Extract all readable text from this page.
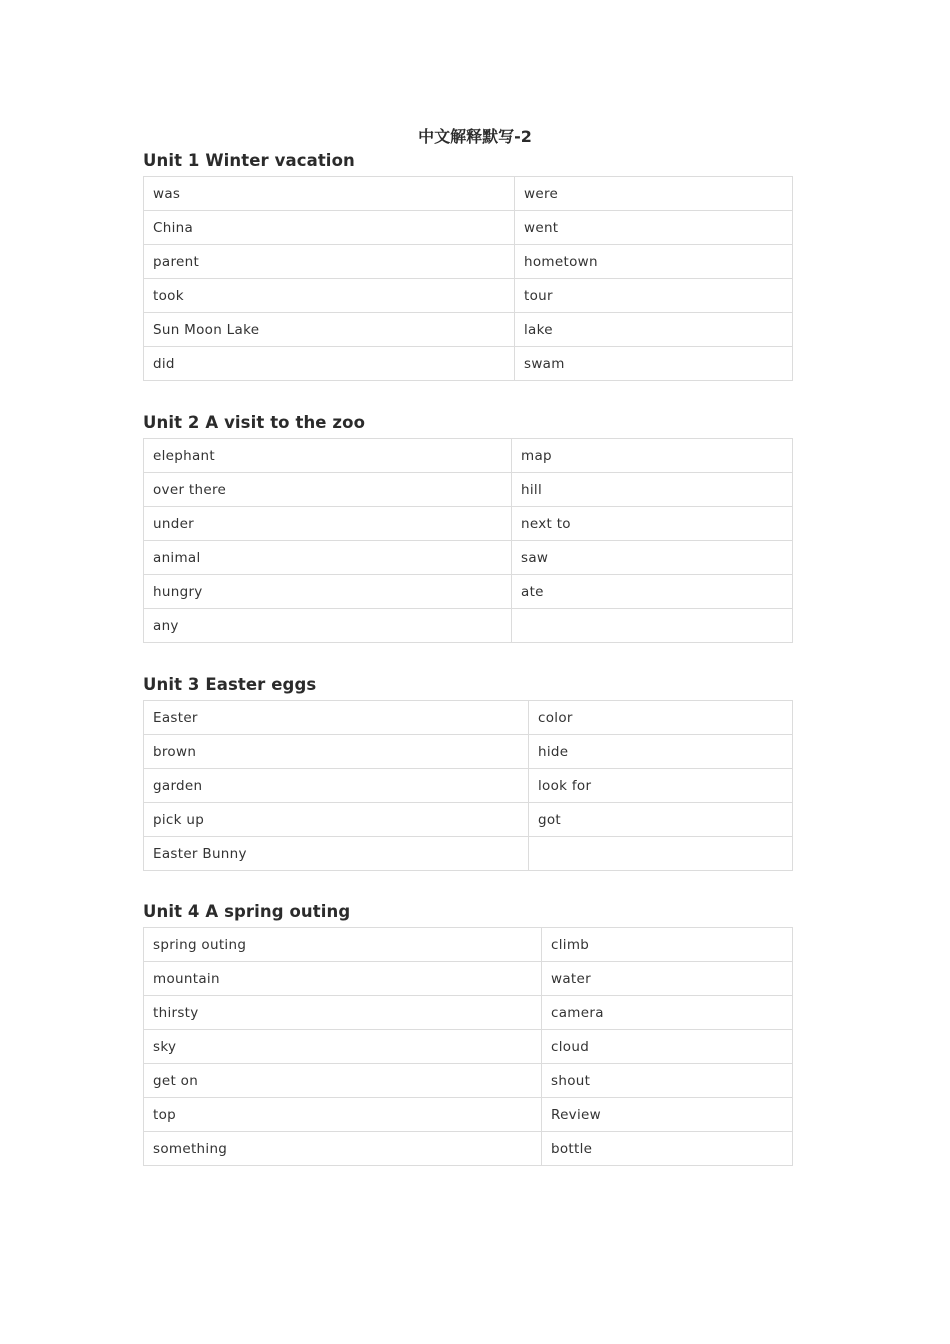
中文解释默写-2
Unit 1 Winter vacation
was	were
China	went
parent	hometown
took	tour
Sun Moon Lake	lake
did	swam
Unit 2 A visit to the zoo
elephant	map
over there	hill
under	next to
animal	saw
hungry	ate
any	
Unit 3 Easter eggs
Easter	color
brown	hide
garden	look for
pick up	got
Easter Bunny	
Unit 4 A spring outing
spring outing	climb
mountain	water
thirsty	camera
sky	cloud
get on	shout
top	Review
something	bottle
